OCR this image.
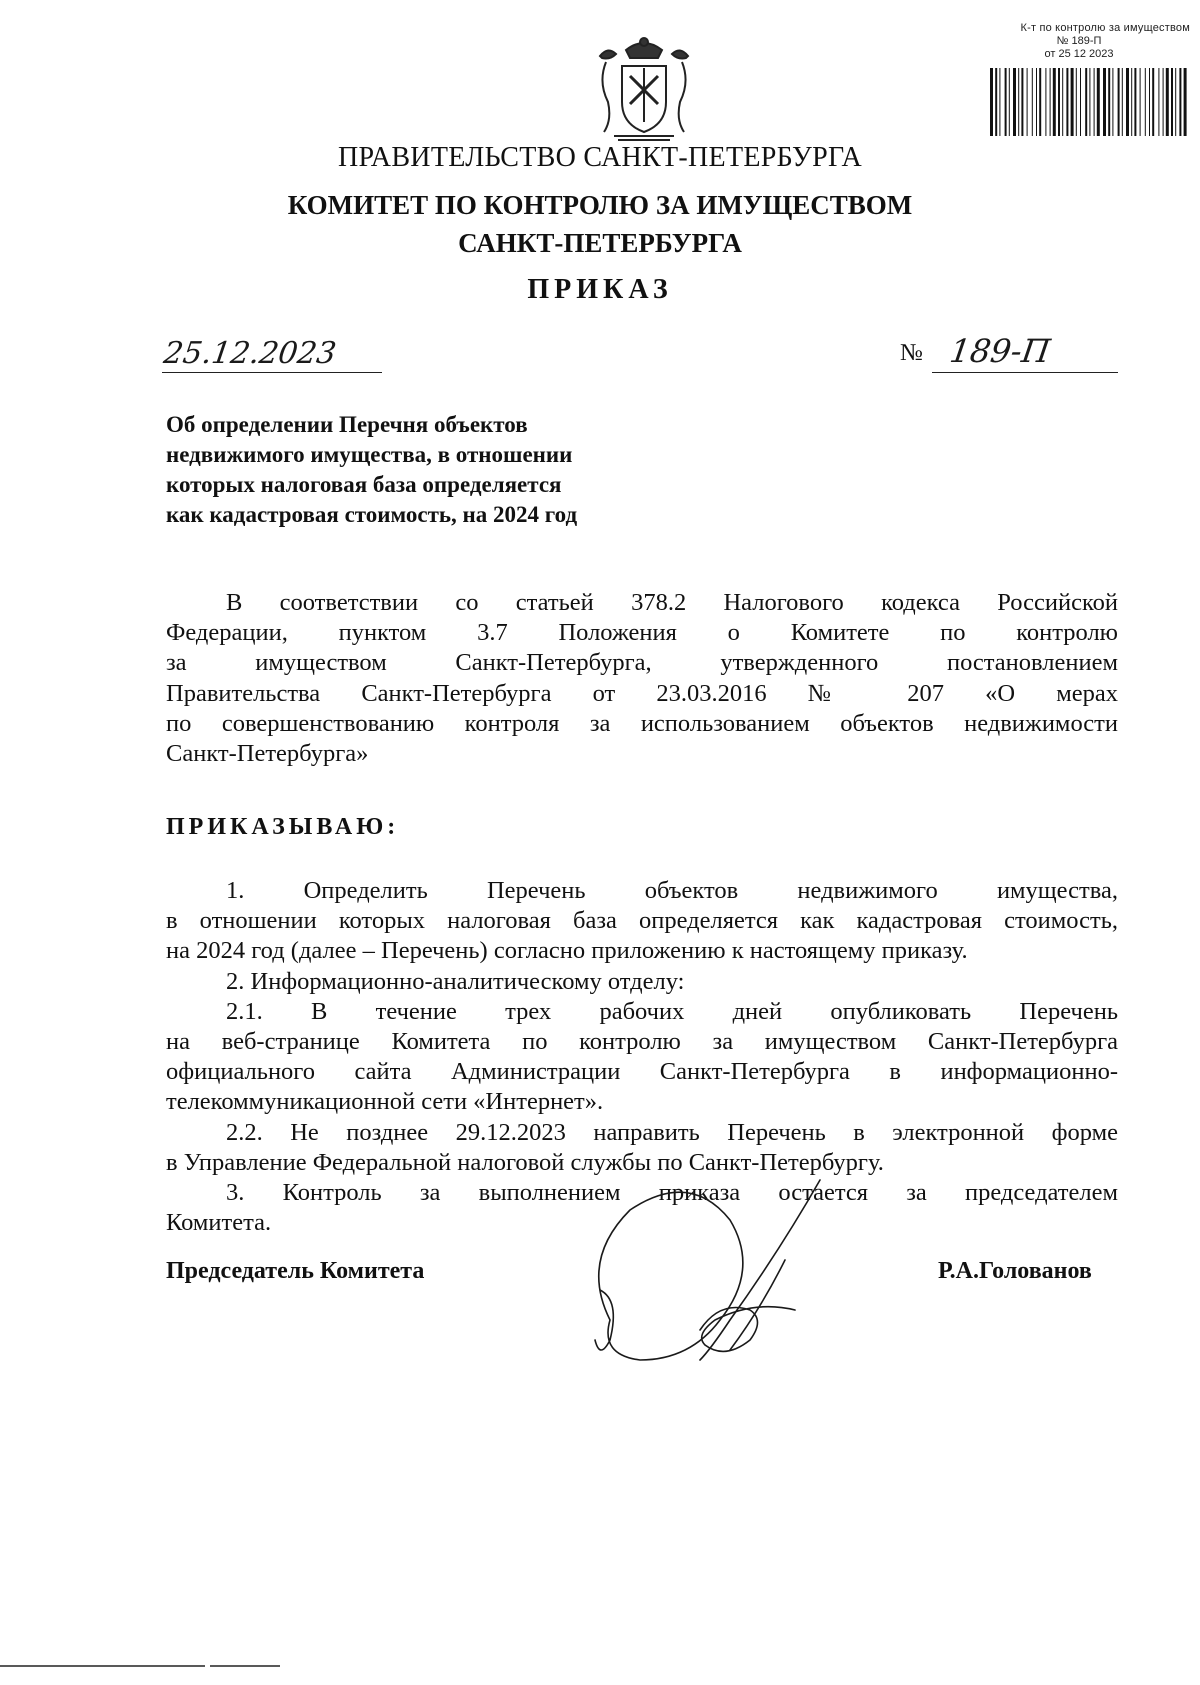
К-т по контролю за имуществом
№ 189-П
от 25 12 2023
ПРАВИТЕЛЬСТВО САНКТ-ПЕТЕРБУРГА
КОМИТЕТ ПО КОНТРОЛЮ ЗА ИМУЩЕСТВОМ
САНКТ-ПЕТЕРБУРГА
ПРИКАЗ
25.12.2023	№ 189-П
Об определении Перечня объектов
недвижимого имущества, в отношении
которых налоговая база определяется
как кадастровая стоимость, на 2024 год
В соответствии со статьей 378.2 Налогового кодекса Российской
Федерации, пунктом 3.7 Положения о Комитете по контролю
за имуществом Санкт-Петербурга, утвержденного постановлением
Правительства Санкт-Петербурга от 23.03.2016 № 207 «О мерах
по совершенствованию контроля за использованием объектов недвижимости
Санкт-Петербурга»
ПРИКАЗЫВАЮ:
1. Определить Перечень объектов недвижимого имущества,
в отношении которых налоговая база определяется как кадастровая стоимость,
на 2024 год (далее – Перечень) согласно приложению к настоящему приказу.
2. Информационно-аналитическому отделу:
2.1. В течение трех рабочих дней опубликовать Перечень
на веб-странице Комитета по контролю за имуществом Санкт-Петербурга
официального сайта Администрации Санкт-Петербурга в информационно-
телекоммуникационной сети «Интернет».
2.2. Не позднее 29.12.2023 направить Перечень в электронной форме
в Управление Федеральной налоговой службы по Санкт-Петербургу.
3. Контроль за выполнением приказа остается за председателем
Комитета.
Председатель Комитета	Р.А.Голованов
